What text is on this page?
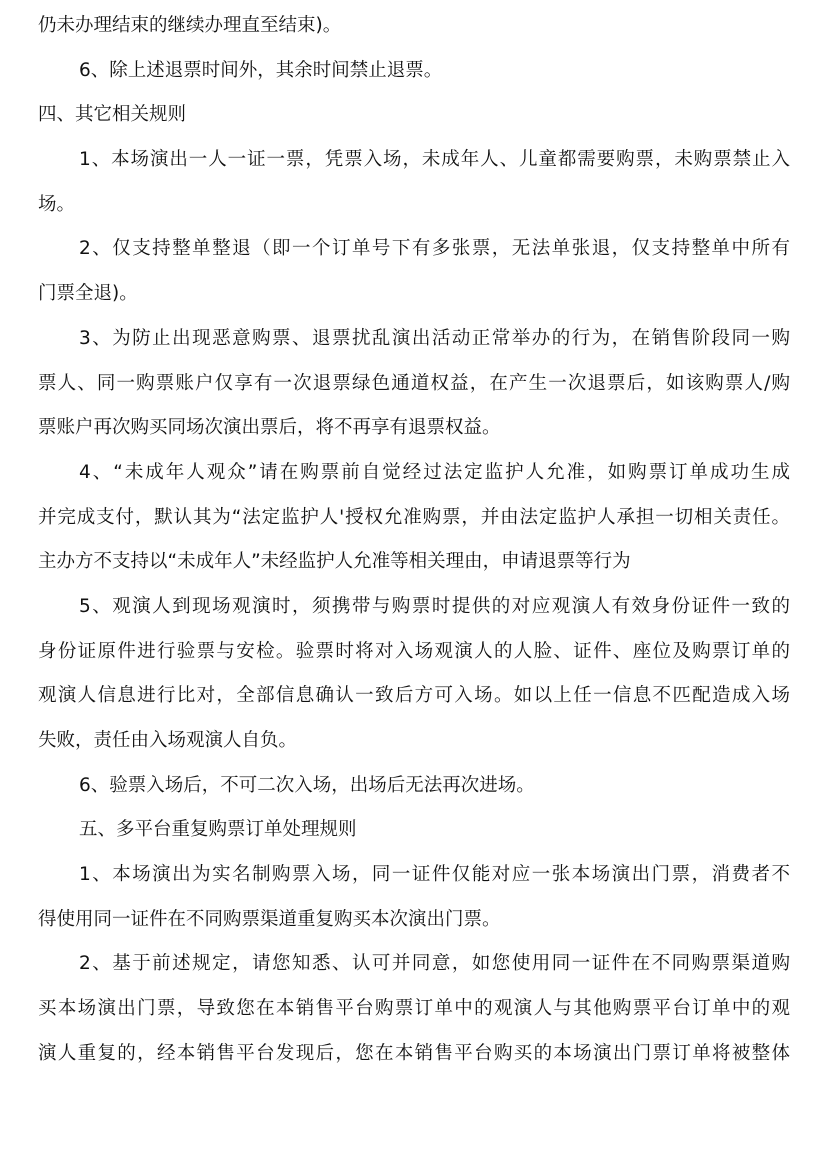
仍未办理结束的继续办理直至结束)。
6、除上述退票时间外，其余时间禁止退票。
四、其它相关规则
1、本场演出一人一证一票，凭票入场，未成年人、儿童都需要购票，未购票禁止入
场。
2、仅支持整单整退（即一个订单号下有多张票，无法单张退，仅支持整单中所有
门票全退)。
3、为防止出现恶意购票、退票扰乱演出活动正常举办的行为，在销售阶段同一购
票人、同一购票账户仅享有一次退票绿色通道权益，在产生一次退票后，如该购票人/购
票账户再次购买同场次演出票后，将不再享有退票权益。
4、“未成年人观众”请在购票前自觉经过法定监护人允准，如购票订单成功生成
并完成支付，默认其为“法定监护人'授权允准购票，并由法定监护人承担一切相关责任。
主办方不支持以“未成年人”未经监护人允准等相关理由，申请退票等行为
5、观演人到现场观演时，须携带与购票时提供的对应观演人有效身份证件一致的
身份证原件进行验票与安检。验票时将对入场观演人的人脸、证件、座位及购票订单的
观演人信息进行比对，全部信息确认一致后方可入场。如以上任一信息不匹配造成入场
失败，责任由入场观演人自负。
6、验票入场后，不可二次入场，出场后无法再次进场。
五、多平台重复购票订单处理规则
1、本场演出为实名制购票入场，同一证件仅能对应一张本场演出门票，消费者不
得使用同一证件在不同购票渠道重复购买本次演出门票。
2、基于前述规定，请您知悉、认可并同意，如您使用同一证件在不同购票渠道购
买本场演出门票，导致您在本销售平台购票订单中的观演人与其他购票平台订单中的观
演人重复的，经本销售平台发现后，您在本销售平台购买的本场演出门票订单将被整体
